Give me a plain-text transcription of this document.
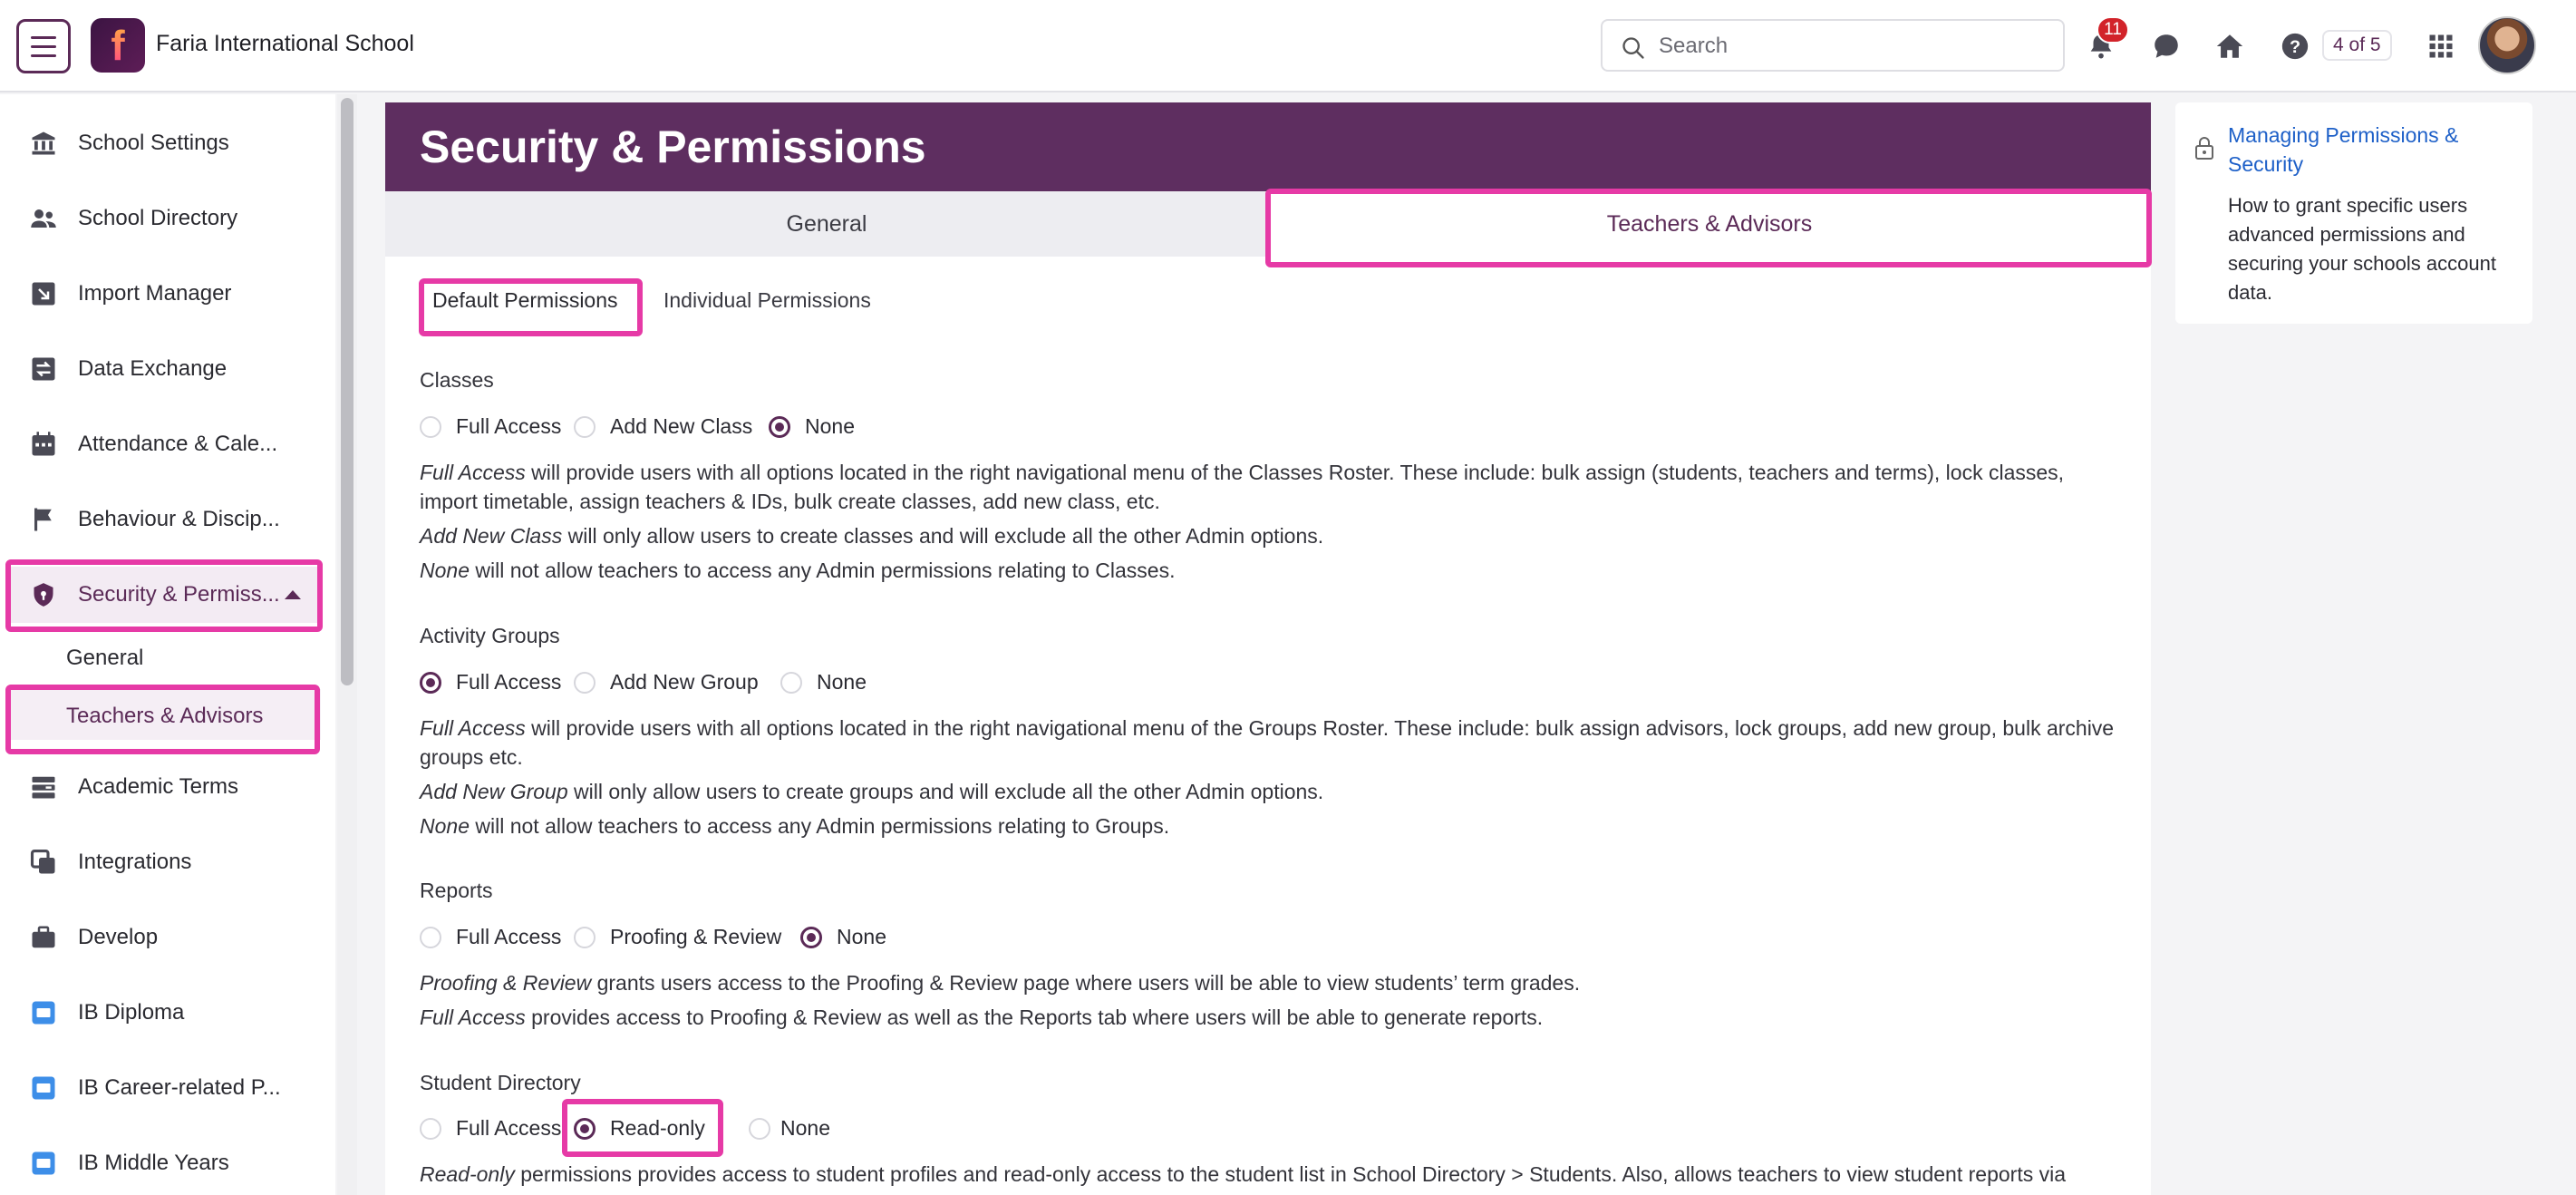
f Faria International School
Search
11
?	4 of 5
School Settings
School Directory
Import Manager
Data Exchange
Attendance & Cale...
Behaviour & Discip...
Security & Permiss...
General
Teachers & Advisors
Academic Terms
Integrations
Develop
IB Diploma
IB Career-related P...
IB Middle Years
Security & Permissions
General	Teachers & Advisors
Default Permissions Individual Permissions
Classes
Full Access Add New Class	None
Full Access will provide users with all options located in the right navigational menu of the Classes Roster. These include: bulk assign (students, teachers and terms), lock classes, import timetable, assign teachers & IDs, bulk create classes, add new class, etc.
Add New Class will only allow users to create classes and will exclude all the other Admin options.
None will not allow teachers to access any Admin permissions relating to Classes.
Activity Groups
Full Access Add New Group	None
Full Access will provide users with all options located in the right navigational menu of the Groups Roster. These include: bulk assign advisors, lock groups, add new group, bulk archive groups etc.
Add New Group will only allow users to create groups and will exclude all the other Admin options.
None will not allow teachers to access any Admin permissions relating to Groups.
Reports
Full Access Proofing & Review	None
Proofing & Review grants users access to the Proofing & Review page where users will be able to view students’ term grades.
Full Access provides access to Proofing & Review as well as the Reports tab where users will be able to generate reports.
Student Directory
Full Access Read-only	None
Read-only permissions provides access to student profiles and read-only access to the student list in School Directory > Students. Also, allows teachers to view student reports via
Managing Permissions & Security
How to grant specific users advanced permissions and securing your schools account data.
